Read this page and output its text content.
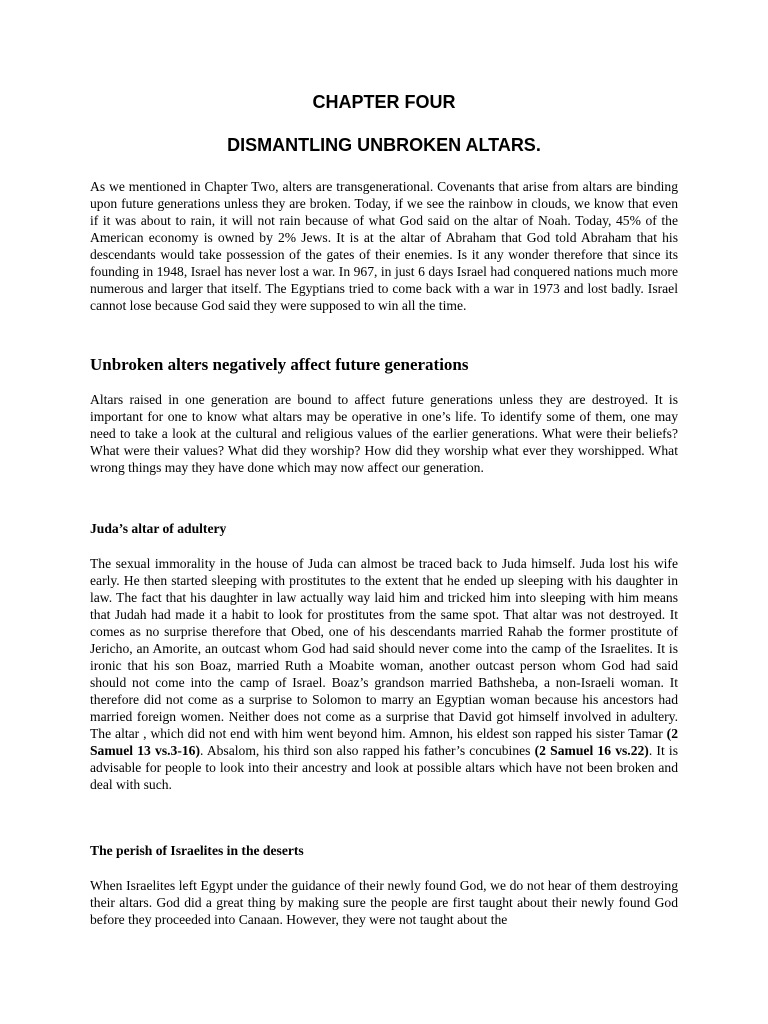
CHAPTER FOUR
DISMANTLING UNBROKEN ALTARS.

As we mentioned in Chapter Two, alters are transgenerational. Covenants that arise from altars are binding upon future generations unless they are broken. Today, if we see the rainbow in clouds, we know that even if it was about to rain, it will not rain because of what God said on the altar of Noah. Today, 45% of the American economy is owned by 2% Jews. It is at the altar of Abraham that God told Abraham that his descendants would take possession of the gates of their enemies. Is it any wonder therefore that since its founding in 1948, Israel has never lost a war. In 967, in just 6 days Israel had conquered nations much more numerous and larger that itself. The Egyptians tried to come back with a war in 1973 and lost badly. Israel cannot lose because God said they were supposed to win all the time.

Unbroken alters negatively affect future generations

Altars raised in one generation are bound to affect future generations unless they are destroyed. It is important for one to know what altars may be operative in one’s life. To identify some of them, one may need to take a look at the cultural and religious values of the earlier generations. What were their beliefs? What were their values? What did they worship? How did they worship what ever they worshipped. What wrong things may they have done which may now affect our generation.

Juda’s altar of adultery

The sexual immorality in the house of Juda can almost be traced back to Juda himself. Juda lost his wife early. He then started sleeping with prostitutes to the extent that he ended up sleeping with his daughter in law. The fact that his daughter in law actually way laid him and tricked him into sleeping with him means that Judah had made it a habit to look for prostitutes from the same spot. That altar was not destroyed. It comes as no surprise therefore that Obed, one of his descendants married Rahab the former prostitute of Jericho, an Amorite, an outcast whom God had said should never come into the camp of the Israelites. It is ironic that his son Boaz, married Ruth a Moabite woman, another outcast person whom God had said should not come into the camp of Israel. Boaz’s grandson married Bathsheba, a non-Israeli woman. It therefore did not come as a surprise to Solomon to marry an Egyptian woman because his ancestors had married foreign women. Neither does not come as a surprise that David got himself involved in adultery. The altar , which did not end with him went beyond him. Amnon, his eldest son rapped his sister Tamar (2 Samuel 13 vs.3-16). Absalom, his third son also rapped his father’s concubines (2 Samuel 16 vs.22). It is advisable for people to look into their ancestry and look at possible altars which have not been broken and deal with such.

The perish of Israelites in the deserts

When Israelites left Egypt under the guidance of their newly found God, we do not hear of them destroying their altars. God did a great thing by making sure the people are first taught about their newly found God before they proceeded into Canaan. However, they were not taught about the
